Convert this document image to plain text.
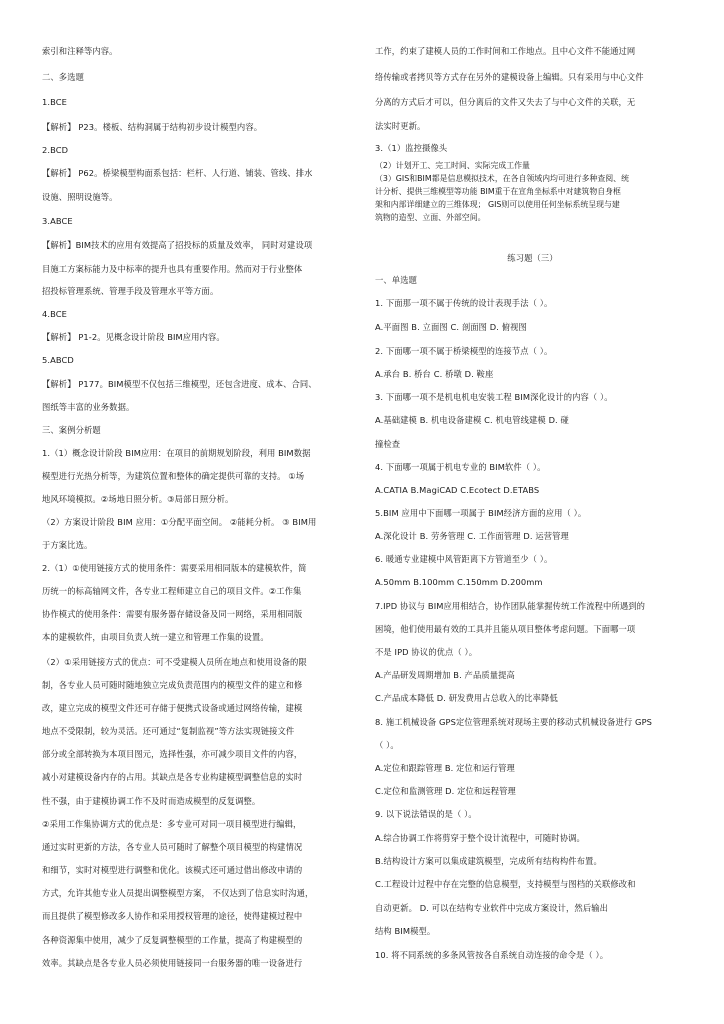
索引和注释等内容。
二、多选题
1.BCE
【解析】 P23。楼板、结构洞属于结构初步设计模型内容。
2.BCD
【解析】 P62。桥梁模型构面系包括：栏杆、人行道、铺装、管线、排水
设施、照明设施等。
3.ABCE
【解析】BIM技术的应用有效提高了招投标的质量及效率， 同时对建设项
目施工方案标能力及中标率的提升也具有重要作用。然而对于行业整体
招投标管理系统、管理手段及管理水平等方面。
4.BCE
【解析】 P1-2。见概念设计阶段 BIM应用内容。
5.ABCD
【解析】 P177。BIM模型不仅包括三维模型，还包含进度、成本、合同、
图纸等丰富的业务数据。
三、案例分析题
1.（1）概念设计阶段 BIM应用：在项目的前期规划阶段，利用 BIM数据
模型进行光热分析等，为建筑位置和整体的确定提供可靠的支持。 ①场
地风环境模拟。②场地日照分析。③局部日照分析。
（2）方案设计阶段 BIM 应用：①分配平面空间。 ②能耗分析。 ③ BIM用
于方案比选。
2.（1）①使用链接方式的使用条件：需要采用相同版本的建模软件，简
历统一的标高轴网文件，各专业工程师建立自己的项目文件。②工作集
协作模式的使用条件：需要有服务器存储设备及同一网络，采用相同版
本的建模软件，由项目负责人统一建立和管理工作集的设置。
（2）①采用链接方式的优点：可不受建模人员所在地点和使用设备的限
制，各专业人员可随时随地独立完成负责范围内的模型文件的建立和修
改，建立完成的模型文件还可存储于便携式设备或通过网络传输，建模
地点不受限制，较为灵活。还可通过“复制监视”等方法实现链接文件
部分或全部转换为本项目图元，选择性强，亦可减少项目文件的内容，
减小对建模设备内存的占用。其缺点是各专业构建模型调整信息的实时
性不强，由于建模协调工作不及时而造成模型的反复调整。
②采用工作集协调方式的优点是：多专业可对同一项目模型进行编辑，
通过实时更新的方法，各专业人员可随时了解整个项目模型的构建情况
和细节，实时对模型进行调整和优化。该模式还可通过借出修改申请的
方式，允许其他专业人员提出调整模型方案， 不仅达到了信息实时沟通，
而且提供了模型修改多人协作和采用授权管理的途径，使得建模过程中
各种资源集中使用，减少了反复调整模型的工作量，提高了构建模型的
效率。其缺点是各专业人员必须使用链接同一台服务器的唯一设备进行
工作，约束了建模人员的工作时间和工作地点。且中心文件不能通过网
络传输或者拷贝等方式存在另外的建模设备上编辑。只有采用与中心文件
分离的方式后才可以，但分离后的文件又失去了与中心文件的关联，无
法实时更新。
3.（1）监控摄像头
（2）计划开工、完工时间、实际完成工作量
（3）GIS和BIM都是信息模拟技术，在各自领域内均可进行多种查阅、统
计分析、提供三维模型等功能 BIM重于在宣角坐标系中对建筑物自身框
架和内部详细建立的三维体现； GIS则可以使用任何坐标系统呈现与建
筑物的造型、立面、外部空间。
练习题（三）
一、单选题
1. 下面那一项不属于传统的设计表现手法（ ）。
A.平面图 B. 立面图 C. 剖面图 D. 俯视图
2. 下面哪一项不属于桥梁模型的连接节点（ ）。
A.承台 B. 桥台 C. 桥墩 D. 鞍座
3. 下面哪一项不是机电机电安装工程 BIM深化设计的内容（ ）。
A.基础建模 B. 机电设备建模 C. 机电管线建模 D. 碰
撞检查
4. 下面哪一项属于机电专业的 BIM软件（ ）。
A.CATIA B.MagiCAD C.Ecotect D.ETABS
5.BIM 应用中下面哪一项属于 BIM经济方面的应用（ ）。
A.深化设计 B. 劳务管理 C. 工作面管理 D. 运营管理
6. 暖通专业建模中风管距离下方管道至少（ ）。
A.50mm B.100mm C.150mm D.200mm
7.IPD 协议与 BIM应用相结合，协作团队能掌握传统工作流程中所遇到的
困境，他们使用最有效的工具并且能从项目整体考虑问题。下面哪一项
不是 IPD 协议的优点（ ）。
A.产品研发周期增加 B. 产品质量提高
C.产品成本降低 D. 研发费用占总收入的比率降低
8. 施工机械设备 GPS定位管理系统对现场主要的移动式机械设备进行 GPS
（ ）。
A.定位和跟踪管理 B. 定位和运行管理
C.定位和监测管理 D. 定位和远程管理
9. 以下说法错误的是（ ）。
A.综合协调工作将剪穿于整个设计流程中，可随时协调。
B.结构设计方案可以集成建筑模型，完成所有结构构件布置。
C.工程设计过程中存在完整的信息模型，支持模型与图档的关联修改和
自动更新。 D. 可以在结构专业软件中完成方案设计，然后输出
结构 BIM模型。
10. 将不同系统的多条风管按各自系统自动连接的命令是（ ）。
